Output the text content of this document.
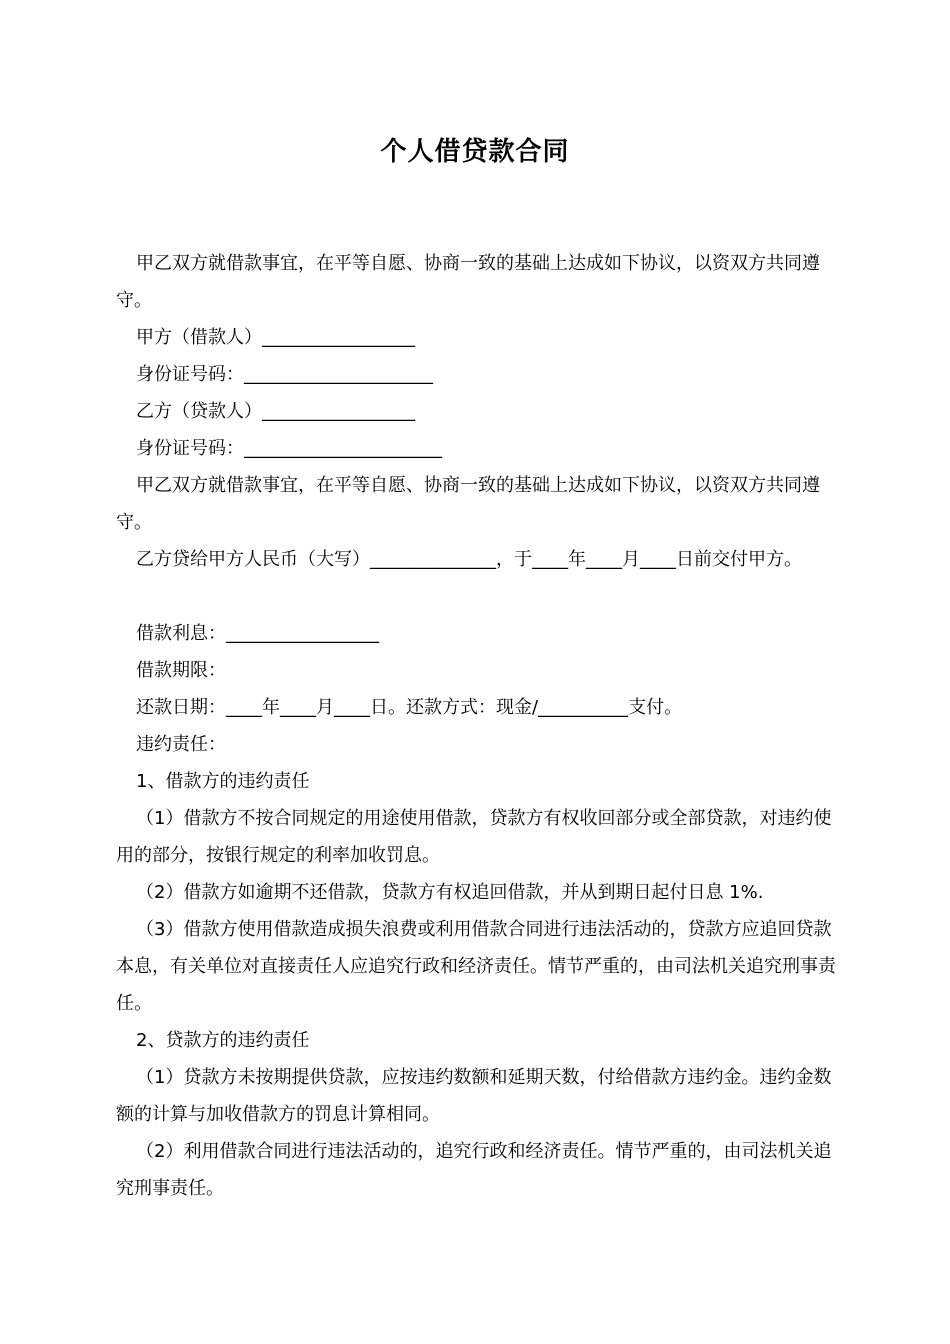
个人借贷款合同

甲乙双方就借款事宜，在平等自愿、协商一致的基础上达成如下协议，以资双方共同遵守。

甲方（借款人）_________________

身份证号码：_____________________

乙方（贷款人）_________________

身份证号码：______________________

甲乙双方就借款事宜，在平等自愿、协商一致的基础上达成如下协议，以资双方共同遵守。

乙方贷给甲方人民币（大写）______________，于____年____月____日前交付甲方。

借款利息：_________________

借款期限：

还款日期：____年____月____日。还款方式：现金/__________支付。

违约责任：

1、借款方的违约责任

（1）借款方不按合同规定的用途使用借款，贷款方有权收回部分或全部贷款，对违约使用的部分，按银行规定的利率加收罚息。

（2）借款方如逾期不还借款，贷款方有权追回借款，并从到期日起付日息 1%.

（3）借款方使用借款造成损失浪费或利用借款合同进行违法活动的，贷款方应追回贷款本息，有关单位对直接责任人应追究行政和经济责任。情节严重的，由司法机关追究刑事责任。

2、贷款方的违约责任

（1）贷款方未按期提供贷款，应按违约数额和延期天数，付给借款方违约金。违约金数额的计算与加收借款方的罚息计算相同。

（2）利用借款合同进行违法活动的，追究行政和经济责任。情节严重的，由司法机关追究刑事责任。
